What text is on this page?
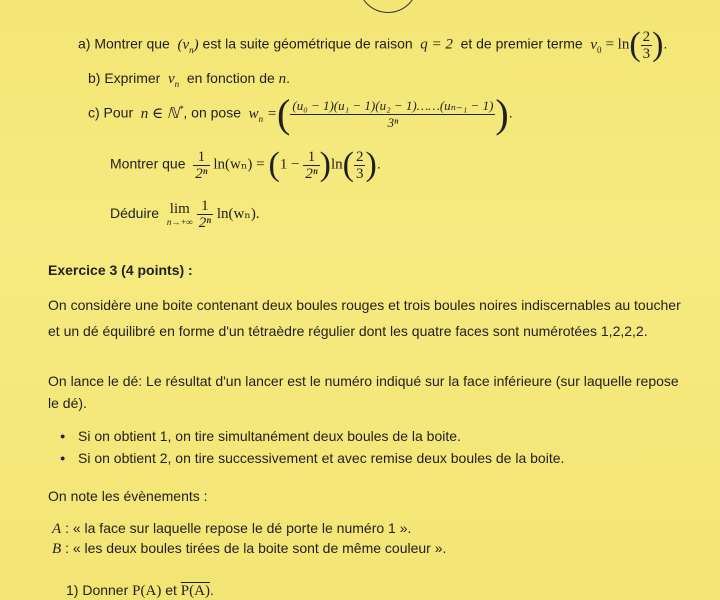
a) Montrer que  $(v_n)$ est la suite géométrique de raison q = 2 et de premier terme $v_0 = \ln( \frac{2}{3}$ ).
b) Exprimer $v_n$ en fonction de n.
c) Pour n ∈ ℕ*, on pose $w_n$ =( $\frac{\text{(u₀ − 1)(u₁ − 1)(u₂ − 1)……(uₙ₋₁ − 1)}}{\text{3ⁿ}}$ ).
Montrer que $\frac{1}{\text{2ⁿ}} \ln(w_n) = (1 - \frac{1}{\text{2ⁿ}} )\ln( \frac{2}{3}$ ).
Déduire lim
n→+∞
$\frac{1}{\text{2ⁿ}} \ln(w_n)$.
Exercice 3 (4 points) :
On considère une boite contenant deux boules rouges et trois boules noires indiscernables au toucher et un dé équilibré en forme d'un tétraèdre régulier dont les quatre faces sont numérotées 1,2,2,2.
On lance le dé: Le résultat d'un lancer est le numéro indiqué sur la face inférieure (sur laquelle repose le dé).
● Si on obtient 1, on tire simultanément deux boules de la boite.
● Si on obtient 2, on tire successivement et avec remise deux boules de la boite.
On note les évènements :
A : « la face sur laquelle repose le dé porte le numéro 1 ».
B : « les deux boules tirées de la boite sont de même couleur ».
1) Donner P(A) et P(A).
